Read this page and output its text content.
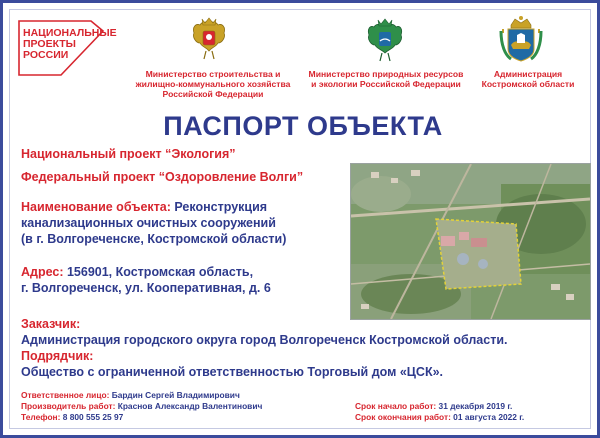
НАЦИОНАЛЬНЫЕ
ПРОЕКТЫ
РОССИИ
Министерство строительства и
жилищно-коммунального хозяйства
Российской Федерации
Министерство природных ресурсов
и экологии Российской Федерации
Администрация
Костромской области
ПАСПОРТ ОБЪЕКТА
Национальный проект “Экология”
Федеральный проект “Оздоровление Волги”
Наименование объекта: Реконструкция
канализационных очистных сооружений
(в г. Волгореченске, Костромской области)
Адрес: 156901, Костромская область,
г. Волгореченск, ул. Кооперативная, д. 6
Заказчик:
Администрация городского округа город Волгореченск Костромской области.
Подрядчик:
Общество с ограниченной ответственностью Торговый дом «ЦСК».
Ответственное лицо: Бардин Сергей Владимирович
Производитель работ: Краснов Александр Валентинович
Телефон: 8 800 555 25 97
Срок начало работ: 31 декабря 2019 г.
Срок окончания работ: 01 августа 2022 г.
